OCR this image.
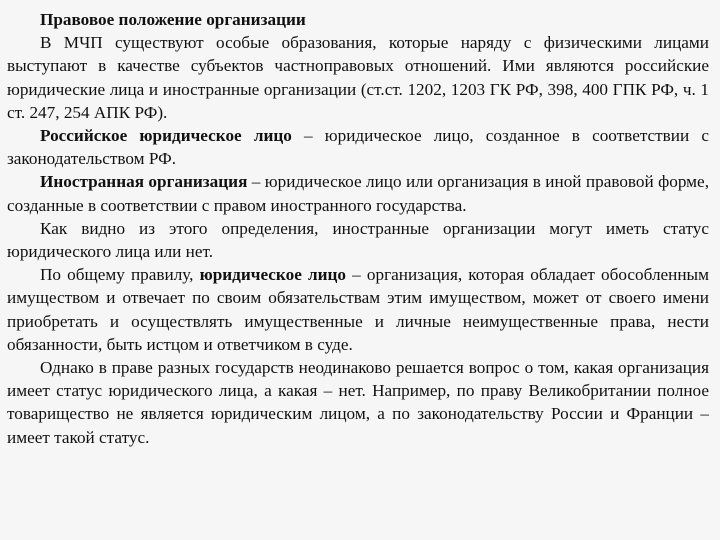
Правовое положение организации

В МЧП существуют особые образования, которые наряду с физическими лицами выступают в качестве субъектов частноправовых отношений. Ими являются российские юридические лица и иностранные организации (ст.ст. 1202, 1203 ГК РФ, 398, 400 ГПК РФ, ч. 1 ст. 247, 254 АПК РФ).

Российское юридическое лицо – юридическое лицо, созданное в соответствии с законодательством РФ.

Иностранная организация – юридическое лицо или организация в иной правовой форме, созданные в соответствии с правом иностранного государства.

Как видно из этого определения, иностранные организации могут иметь статус юридического лица или нет.

По общему правилу, юридическое лицо – организация, которая обладает обособленным имуществом и отвечает по своим обязательствам этим имуществом, может от своего имени приобретать и осуществлять имущественные и личные неимущественные права, нести обязанности, быть истцом и ответчиком в суде.

Однако в праве разных государств неодинаково решается вопрос о том, какая организация имеет статус юридического лица, а какая – нет. Например, по праву Великобритании полное товарищество не является юридическим лицом, а по законодательству России и Франции – имеет такой статус.
